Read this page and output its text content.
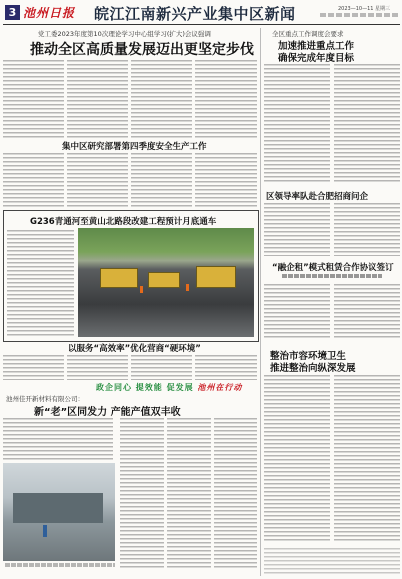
3 池州日报 皖江江南新兴产业集中区新闻	2023—10—11 星期三
党工委2023年度第10次理论学习中心组学习(扩大)会议强调
推动全区高质量发展迈出更坚定步伐
全区重点工作调度会要求
加速推进重点工作
确保完成年度目标
集中区研究部署第四季度安全生产工作
G236青通河至黄山北路段改建工程预计月底通车
区领导率队赴合肥招商问企
“融企租”模式租赁合作协议签订
以服务“高效率”优化营商“硬环境”
政企同心 提效能 促发展 池州在行动
池州佳开新材料有限公司：
新“老”区同发力 产能产值双丰收
整治市容环境卫生
推进整治向纵深发展
